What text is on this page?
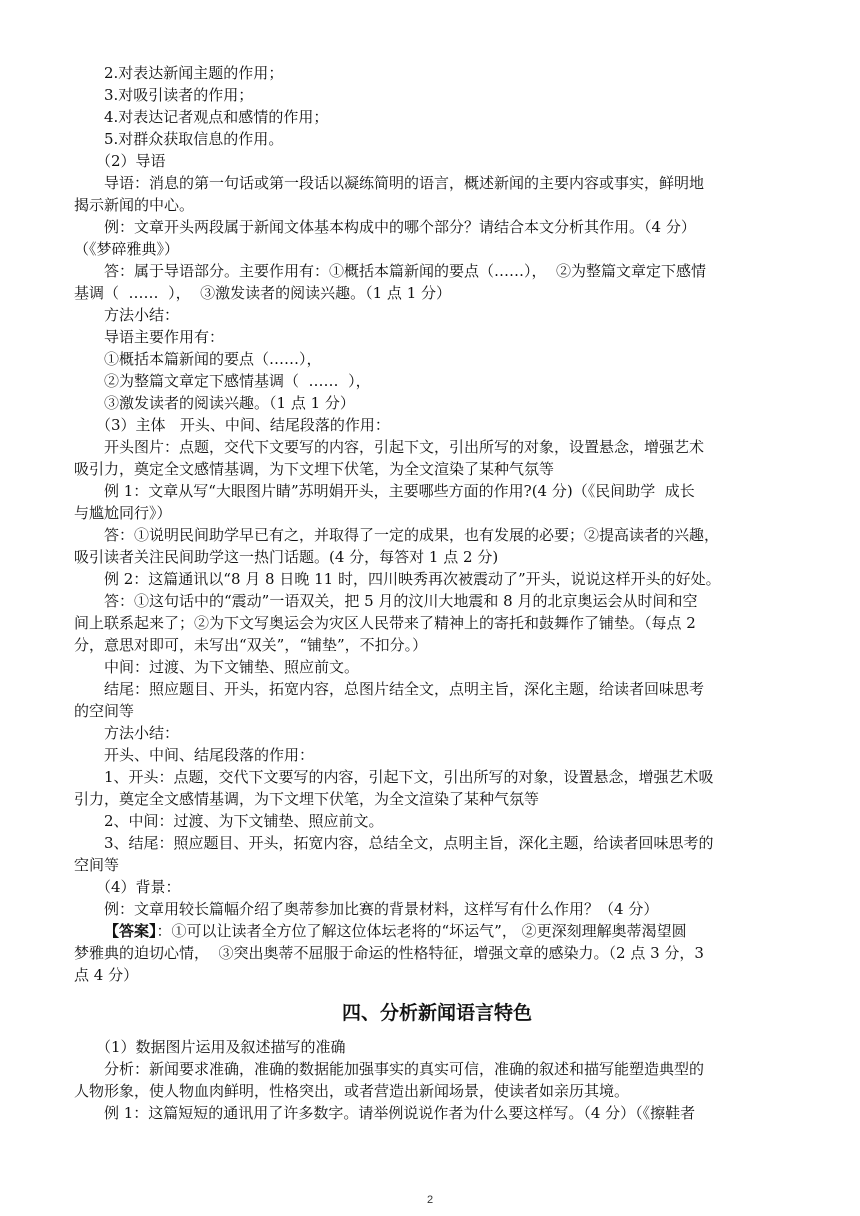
2.对表达新闻主题的作用；
3.对吸引读者的作用；
4.对表达记者观点和感情的作用；
5.对群众获取信息的作用。
（2）导语
导语：消息的第一句话或第一段话以凝练简明的语言，概述新闻的主要内容或事实，鲜明地
揭示新闻的中心。
例：文章开头两段属于新闻文体基本构成中的哪个部分？请结合本文分析其作用。（4 分）
（《梦碎雅典》）
答：属于导语部分。主要作用有：①概括本篇新闻的要点（……），  ②为整篇文章定下感情
基调（  ……  ），  ③激发读者的阅读兴趣。（1 点 1 分）
方法小结：
导语主要作用有：
①概括本篇新闻的要点（……），
②为整篇文章定下感情基调（  ……  ），
③激发读者的阅读兴趣。（1 点 1 分）
（3）主体   开头、中间、结尾段落的作用：
开头图片：点题，交代下文要写的内容，引起下文，引出所写的对象，设置悬念，增强艺术
吸引力，奠定全文感情基调，为下文埋下伏笔，为全文渲染了某种气氛等
例 1：文章从写“大眼图片睛”苏明娟开头，主要哪些方面的作用?(4 分)（《民间助学  成长
与尴尬同行》）
答：①说明民间助学早已有之，并取得了一定的成果，也有发展的必要；②提高读者的兴趣，
吸引读者关注民间助学这一热门话题。(4 分，每答对 1 点 2 分)
例 2：这篇通讯以“8 月 8 日晚 11 时，四川映秀再次被震动了”开头，说说这样开头的好处。
答：①这句话中的“震动”一语双关，把 5 月的汶川大地震和 8 月的北京奥运会从时间和空
间上联系起来了；②为下文写奥运会为灾区人民带来了精神上的寄托和鼓舞作了铺垫。（每点 2
分，意思对即可，未写出“双关”，“铺垫”，不扣分。）
中间：过渡、为下文铺垫、照应前文。
结尾：照应题目、开头，拓宽内容，总图片结全文，点明主旨，深化主题，给读者回味思考
的空间等
方法小结：
开头、中间、结尾段落的作用：
1、开头：点题，交代下文要写的内容，引起下文，引出所写的对象，设置悬念，增强艺术吸
引力，奠定全文感情基调，为下文埋下伏笔，为全文渲染了某种气氛等
2、中间：过渡、为下文铺垫、照应前文。
3、结尾：照应题目、开头，拓宽内容，总结全文，点明主旨，深化主题，给读者回味思考的
空间等
（4）背景：
例：文章用较长篇幅介绍了奥蒂参加比赛的背景材料，这样写有什么作用？（4 分）
【答案】：①可以让读者全方位了解这位体坛老将的“坏运气”， ②更深刻理解奥蒂渴望圆
梦雅典的迫切心情，  ③突出奥蒂不屈服于命运的性格特征，增强文章的感染力。（2 点 3 分，3
点 4 分）
四、分析新闻语言特色
（1）数据图片运用及叙述描写的准确
分析：新闻要求准确，准确的数据能加强事实的真实可信，准确的叙述和描写能塑造典型的
人物形象，使人物血肉鲜明，性格突出，或者营造出新闻场景，使读者如亲历其境。
例 1：这篇短短的通讯用了许多数字。请举例说说作者为什么要这样写。（4 分）（《擦鞋者
2
